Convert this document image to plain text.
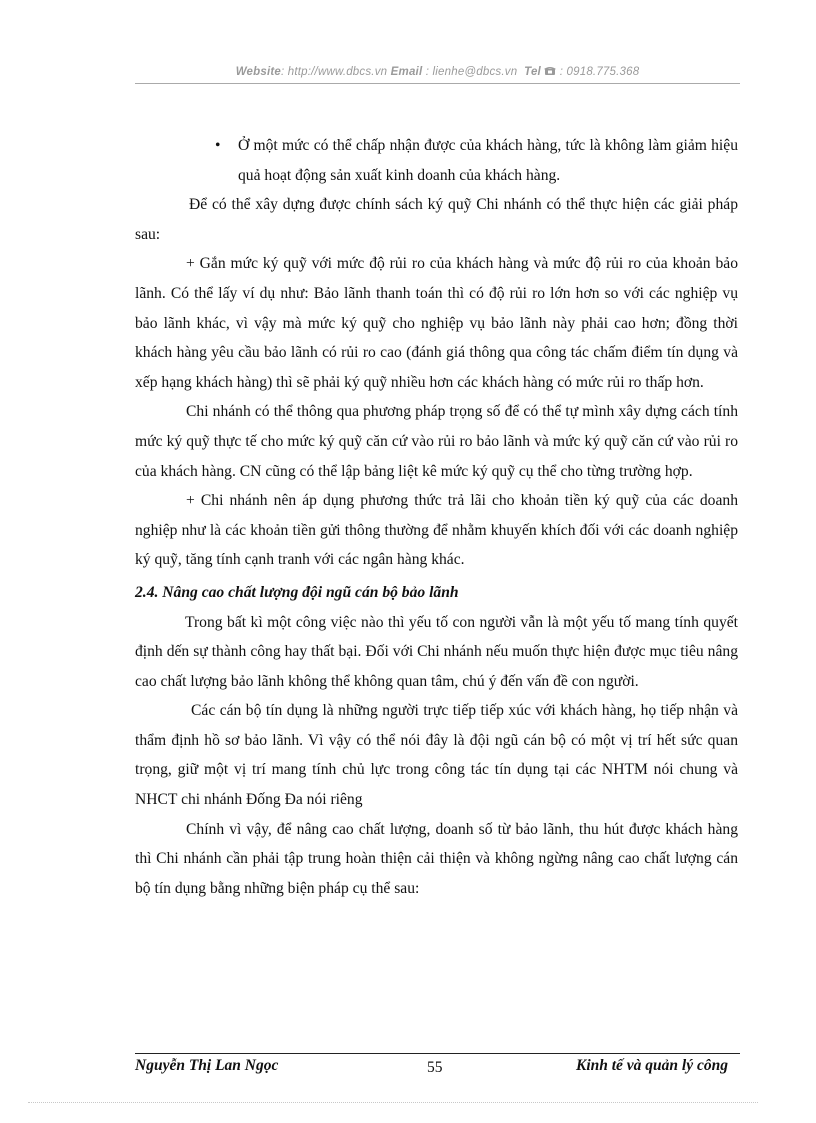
Website: http://www.dbcs.vn Email : lienhe@dbcs.vn Tel : 0918.775.368

• Ở một mức có thể chấp nhận được của khách hàng, tức là không làm giảm hiệu quả hoạt động sản xuất kinh doanh của khách hàng.

Để có thể xây dựng được chính sách ký quỹ Chi nhánh có thể thực hiện các giải pháp sau:

+ Gắn mức ký quỹ với mức độ rủi ro của khách hàng và mức độ rủi ro của khoản bảo lãnh. Có thể lấy ví dụ như: Bảo lãnh thanh toán thì có độ rủi ro lớn hơn so với các nghiệp vụ bảo lãnh khác, vì vậy mà mức ký quỹ cho nghiệp vụ bảo lãnh này phải cao hơn; đồng thời khách hàng yêu cầu bảo lãnh có rủi ro cao (đánh giá thông qua công tác chấm điểm tín dụng và xếp hạng khách hàng) thì sẽ phải ký quỹ nhiều hơn các khách hàng có mức rủi ro thấp hơn.

Chi nhánh có thể thông qua phương pháp trọng số để có thể tự mình xây dựng cách tính mức ký quỹ thực tế cho mức ký quỹ căn cứ vào rủi ro bảo lãnh và mức ký quỹ căn cứ vào rủi ro của khách hàng. CN cũng có thể lập bảng liệt kê mức ký quỹ cụ thể cho từng trường hợp.

+ Chi nhánh nên áp dụng phương thức trả lãi cho khoản tiền ký quỹ của các doanh nghiệp như là các khoản tiền gửi thông thường để nhằm khuyến khích đối với các doanh nghiệp ký quỹ, tăng tính cạnh tranh với các ngân hàng khác.

2.4. Nâng cao chất lượng đội ngũ cán bộ bảo lãnh

Trong bất kì một công việc nào thì yếu tố con người vẫn là một yếu tố mang tính quyết định dến sự thành công hay thất bại. Đối với Chi nhánh nếu muốn thực hiện được mục tiêu nâng cao chất lượng bảo lãnh không thể không quan tâm, chú ý đến vấn đề con người.

Các cán bộ tín dụng là những người trực tiếp tiếp xúc với khách hàng, họ tiếp nhận và thẩm định hồ sơ bảo lãnh. Vì vậy có thể nói đây là đội ngũ cán bộ có một vị trí hết sức quan trọng, giữ một vị trí mang tính chủ lực trong công tác tín dụng tại các NHTM nói chung và NHCT chi nhánh Đống Đa nói riêng

Chính vì vậy, để nâng cao chất lượng, doanh số từ bảo lãnh, thu hút được khách hàng thì Chi nhánh cần phải tập trung hoàn thiện cải thiện và không ngừng nâng cao chất lượng cán bộ tín dụng bằng những biện pháp cụ thể sau:

Nguyễn Thị Lan Ngọc	55	Kinh tế và quản lý công
